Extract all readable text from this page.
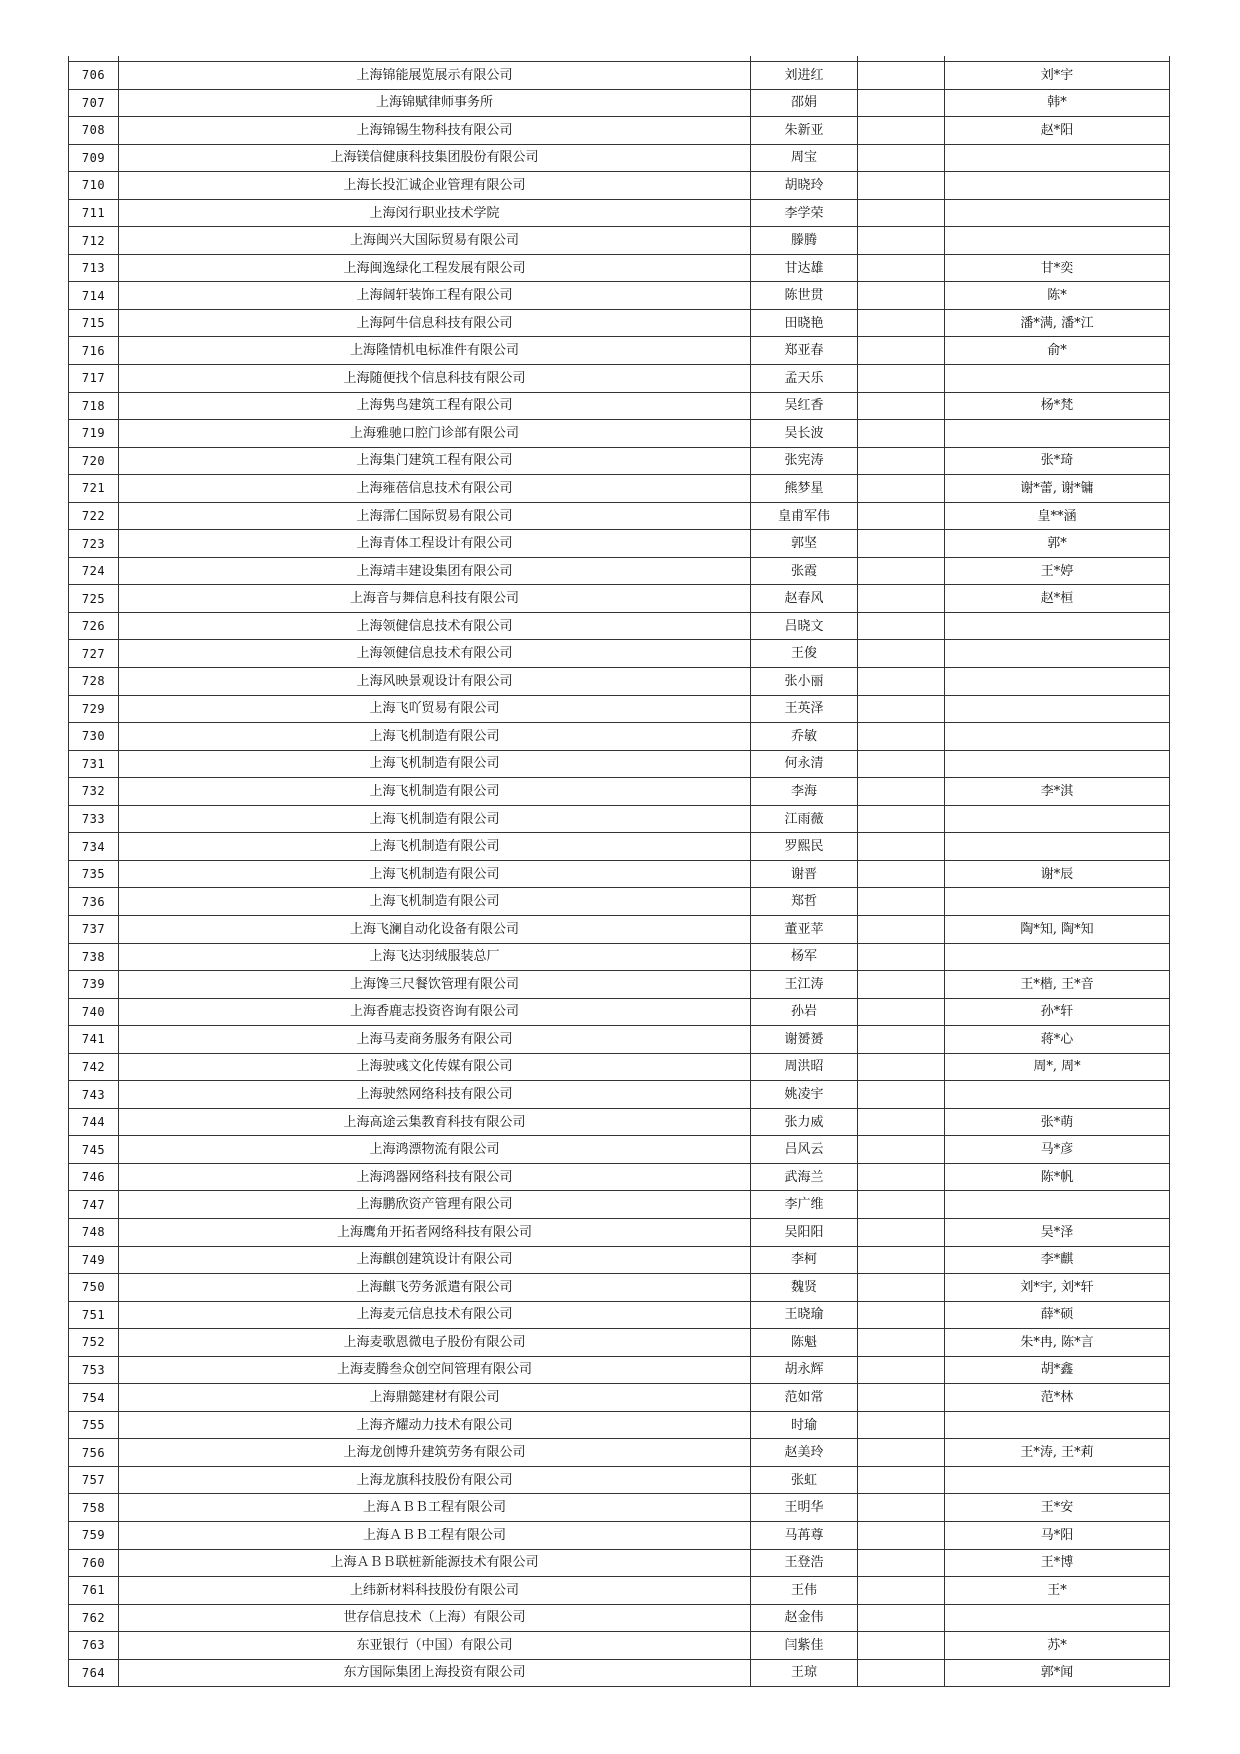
706	上海锦能展览展示有限公司	刘进红		刘*宇
707	上海锦赋律师事务所	邵娟		韩*
708	上海锦锡生物科技有限公司	朱新亚		赵*阳
709	上海镁信健康科技集团股份有限公司	周宝		
710	上海长投汇诚企业管理有限公司	胡晓玲		
711	上海闵行职业技术学院	李学荣		
712	上海闽兴大国际贸易有限公司	滕腾		
713	上海闽逸绿化工程发展有限公司	甘达雄		甘*奕
714	上海阔轩装饰工程有限公司	陈世贯		陈*
715	上海阿牛信息科技有限公司	田晓艳		潘*满, 潘*江
716	上海隆情机电标准件有限公司	郑亚春		俞*
717	上海随便找个信息科技有限公司	孟天乐		
718	上海隽鸟建筑工程有限公司	吴红香		杨*梵
719	上海雅驰口腔门诊部有限公司	吴长波		
720	上海集门建筑工程有限公司	张宪涛		张*琦
721	上海雍蓓信息技术有限公司	熊梦星		谢*蕾, 谢*镛
722	上海霈仁国际贸易有限公司	皇甫军伟		皇**涵
723	上海青体工程设计有限公司	郭坚		郭*
724	上海靖丰建设集团有限公司	张霞		王*婷
725	上海音与舞信息科技有限公司	赵春风		赵*桓
726	上海领健信息技术有限公司	吕晓文		
727	上海领健信息技术有限公司	王俊		
728	上海风映景观设计有限公司	张小丽		
729	上海飞吖贸易有限公司	王英泽		
730	上海飞机制造有限公司	乔敏		
731	上海飞机制造有限公司	何永清		
732	上海飞机制造有限公司	李海		李*淇
733	上海飞机制造有限公司	江雨薇		
734	上海飞机制造有限公司	罗熙民		
735	上海飞机制造有限公司	谢晋		谢*辰
736	上海飞机制造有限公司	郑哲		
737	上海飞澜自动化设备有限公司	董亚苹		陶*知, 陶*知
738	上海飞达羽绒服装总厂	杨军		
739	上海馋三尺餐饮管理有限公司	王江涛		王*楷, 王*音
740	上海香鹿志投资咨询有限公司	孙岩		孙*轩
741	上海马麦商务服务有限公司	谢赟赟		蒋*心
742	上海驶彧文化传媒有限公司	周洪昭		周*, 周*
743	上海驶然网络科技有限公司	姚凌宇		
744	上海高途云集教育科技有限公司	张力威		张*萌
745	上海鸿漂物流有限公司	吕风云		马*彦
746	上海鸿器网络科技有限公司	武海兰		陈*帆
747	上海鹏欣资产管理有限公司	李广维		
748	上海鹰角开拓者网络科技有限公司	吴阳阳		吴*泽
749	上海麒创建筑设计有限公司	李柯		李*麒
750	上海麒飞劳务派遣有限公司	魏贤		刘*宇, 刘*轩
751	上海麦元信息技术有限公司	王晓瑜		薛*硕
752	上海麦歌恩微电子股份有限公司	陈魁		朱*冉, 陈*言
753	上海麦腾叁众创空间管理有限公司	胡永辉		胡*鑫
754	上海鼎懿建材有限公司	范如常		范*林
755	上海齐耀动力技术有限公司	时瑜		
756	上海龙创博升建筑劳务有限公司	赵美玲		王*涛, 王*莉
757	上海龙旗科技股份有限公司	张虹		
758	上海ＡＢＢ工程有限公司	王明华		王*安
759	上海ＡＢＢ工程有限公司	马苒尊		马*阳
760	上海ＡＢＢ联桩新能源技术有限公司	王登浩		王*博
761	上纬新材料科技股份有限公司	王伟		王*
762	世存信息技术（上海）有限公司	赵金伟		
763	东亚银行（中国）有限公司	闫紫佳		苏*
764	东方国际集团上海投资有限公司	王琼		郭*闻
